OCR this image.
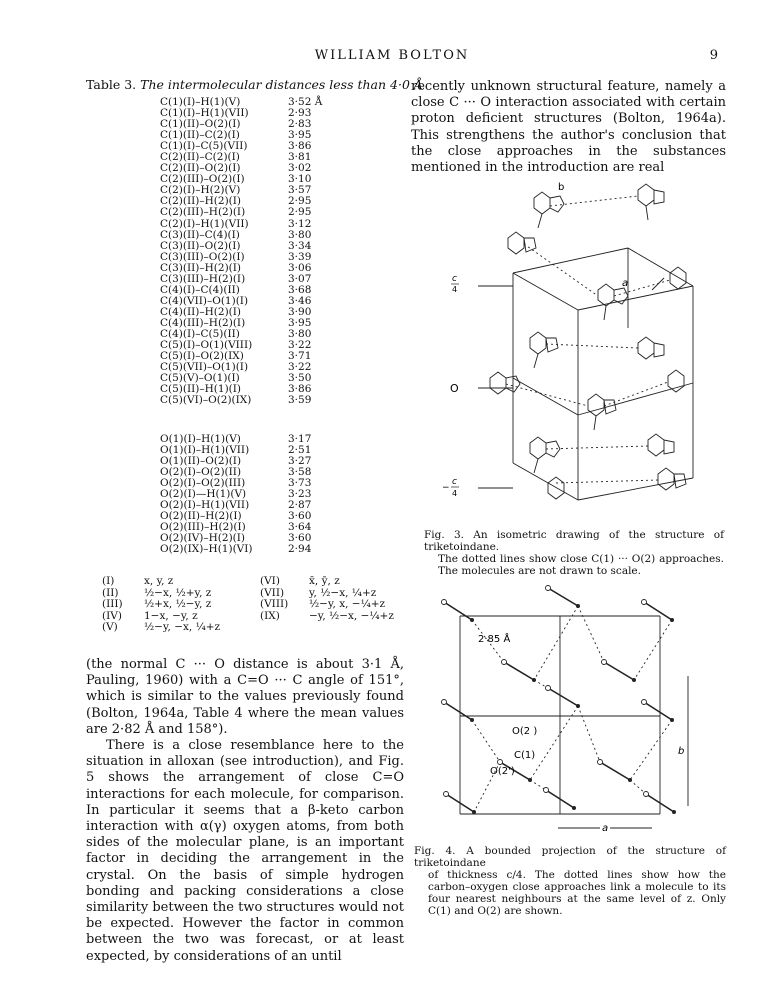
WILLIAM BOLTON	9
Table 3. The intermolecular distances less than 4·0 Å
C(1)(I)–H(1)(V)	3·52 Å
C(1)(I)–H(1)(VII)	2·93
C(1)(II)–O(2)(I)	2·83
C(1)(II)–C(2)(I)	3·95
C(1)(I)–C(5)(VII)	3·86
C(2)(II)–C(2)(I)	3·81
C(2)(II)–O(2)(I)	3·02
C(2)(III)–O(2)(I)	3·10
C(2)(I)–H(2)(V)	3·57
C(2)(II)–H(2)(I)	2·95
C(2)(III)–H(2)(I)	2·95
C(2)(I)–H(1)(VII)	3·12
C(3)(II)–C(4)(I)	3·80
C(3)(II)–O(2)(I)	3·34
C(3)(III)–O(2)(I)	3·39
C(3)(II)–H(2)(I)	3·06
C(3)(III)–H(2)(I)	3·07
C(4)(I)–C(4)(II)	3·68
C(4)(VII)–O(1)(I)	3·46
C(4)(II)–H(2)(I)	3·90
C(4)(III)–H(2)(I)	3·95
C(4)(I)–C(5)(II)	3·80
C(5)(I)–O(1)(VIII)	3·22
C(5)(I)–O(2)(IX)	3·71
C(5)(VII)–O(1)(I)	3·22
C(5)(V)–O(1)(I)	3·50
C(5)(II)–H(1)(I)	3·86
C(5)(VI)–O(2)(IX)	3·59
O(1)(I)–H(1)(V)	3·17
O(1)(I)–H(1)(VII)	2·51
O(1)(II)–O(2)(I)	3·27
O(2)(I)–O(2)(II)	3·58
O(2)(I)–O(2)(III)	3·73
O(2)(I)—H(1)(V)	3·23
O(2)(I)–H(1)(VII)	2·87
O(2)(II)–H(2)(I)	3·60
O(2)(III)–H(2)(I)	3·64
O(2)(IV)–H(2)(I)	3·60
O(2)(IX)–H(1)(VI)	2·94
(I)	x, y, z	(VI)	x̄, ȳ, z
(II) ½−x, ½+y, z	(VII) y, ½−x, ¼+z
(III) ½+x, ½−y, z	(VIII) ½−y, x, −¼+z
(IV) 1−x, −y, z	(IX)	−y, ½−x, −¼+z
(V) ½−y, −x, ¼+z

(the normal C ··· O distance is about 3·1 Å, Pauling, 1960) with a C=O ··· C angle of 151°, which is similar to the values previously found (Bolton, 1964a, Table 4 where the mean values are 2·82 Å and 158°).

There is a close resemblance here to the situation in alloxan (see introduction), and Fig. 5 shows the arrangement of close C=O interactions for each molecule, for comparison. In particular it seems that a β-keto carbon interaction with α(γ) oxygen atoms, from both sides of the molecular plane, is an important factor in deciding the arrangement in the crystal. On the basis of simple hydrogen bonding and packing considerations a close similarity between the two structures would not be expected. However the factor in common between the two was forecast, or at least expected, by considerations of an until

recently unknown structural feature, namely a close C ··· O interaction associated with certain proton deficient structures (Bolton, 1964a). This strengthens the author's conclusion that the close approaches in the substances mentioned in the introduction are real
b
a
c
4
O
−
c
4
Fig. 3. An isometric drawing of the structure of triketoindane.
The dotted lines show close C(1) ··· O(2) approaches. The molecules are not drawn to scale.
2·85 Å
O(2 )
C(1)
O(2')
b
a
Fig. 4. A bounded projection of the structure of triketoindane
of thickness c/4. The dotted lines show how the carbon–oxygen close approaches link a molecule to its four nearest neighbours at the same level of z. Only C(1) and O(2) are shown.
